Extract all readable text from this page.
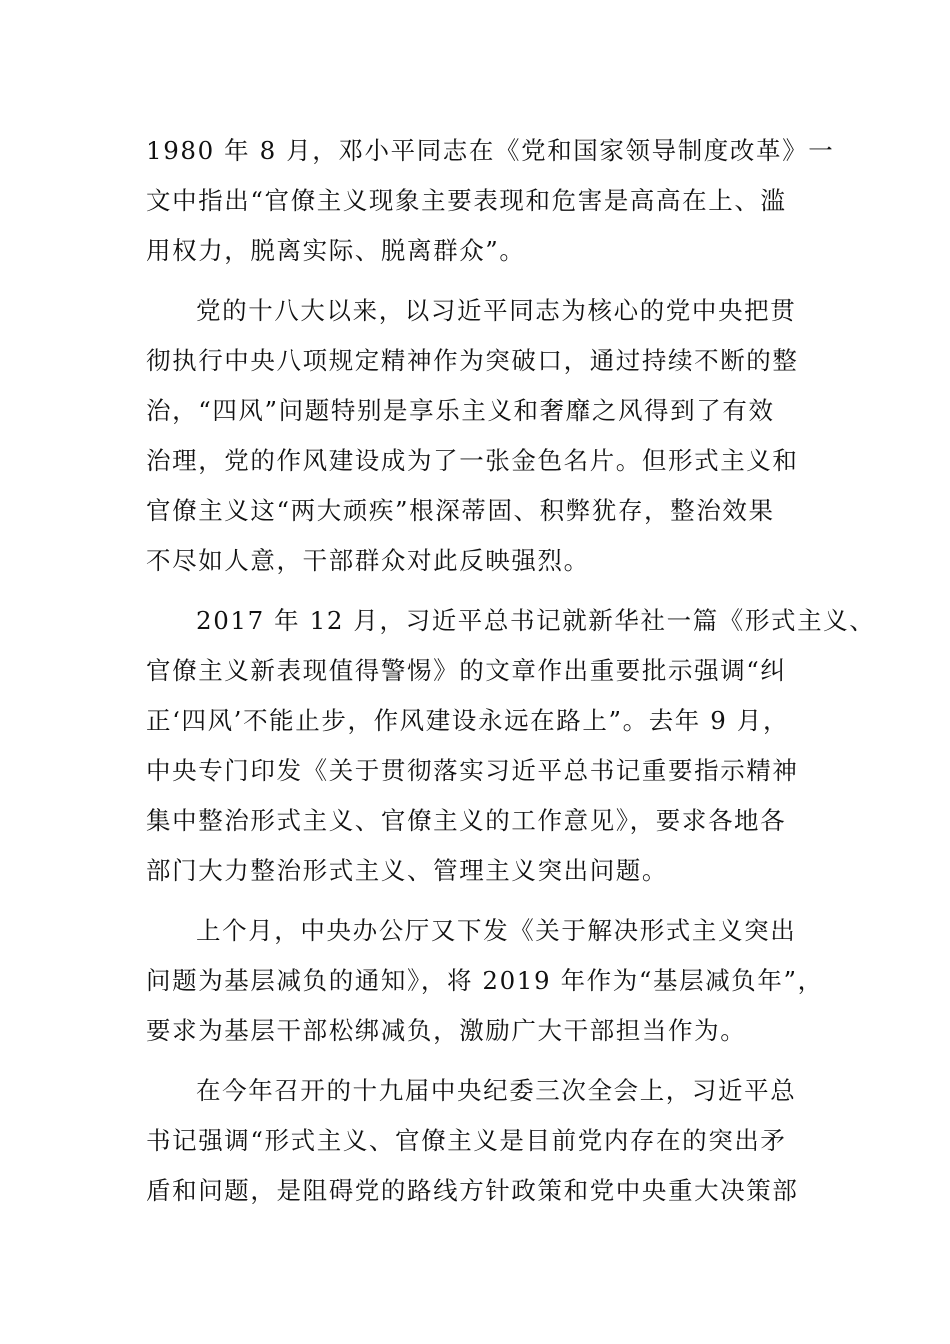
1980 年 8 月，邓小平同志在《党和国家领导制度改革》一
文中指出“官僚主义现象主要表现和危害是高高在上、滥
用权力，脱离实际、脱离群众”。
党的十八大以来，以习近平同志为核心的党中央把贯
彻执行中央八项规定精神作为突破口，通过持续不断的整
治，“四风”问题特别是享乐主义和奢靡之风得到了有效
治理，党的作风建设成为了一张金色名片。但形式主义和
官僚主义这“两大顽疾”根深蒂固、积弊犹存，整治效果
不尽如人意，干部群众对此反映强烈。
2017 年 12 月，习近平总书记就新华社一篇《形式主义、
官僚主义新表现值得警惕》的文章作出重要批示强调“纠
正‘四风’不能止步，作风建设永远在路上”。去年 9 月，
中央专门印发《关于贯彻落实习近平总书记重要指示精神
集中整治形式主义、官僚主义的工作意见》，要求各地各
部门大力整治形式主义、管理主义突出问题。
上个月，中央办公厅又下发《关于解决形式主义突出
问题为基层减负的通知》，将 2019 年作为“基层减负年”，
要求为基层干部松绑减负，激励广大干部担当作为。
在今年召开的十九届中央纪委三次全会上，习近平总
书记强调“形式主义、官僚主义是目前党内存在的突出矛
盾和问题，是阻碍党的路线方针政策和党中央重大决策部
